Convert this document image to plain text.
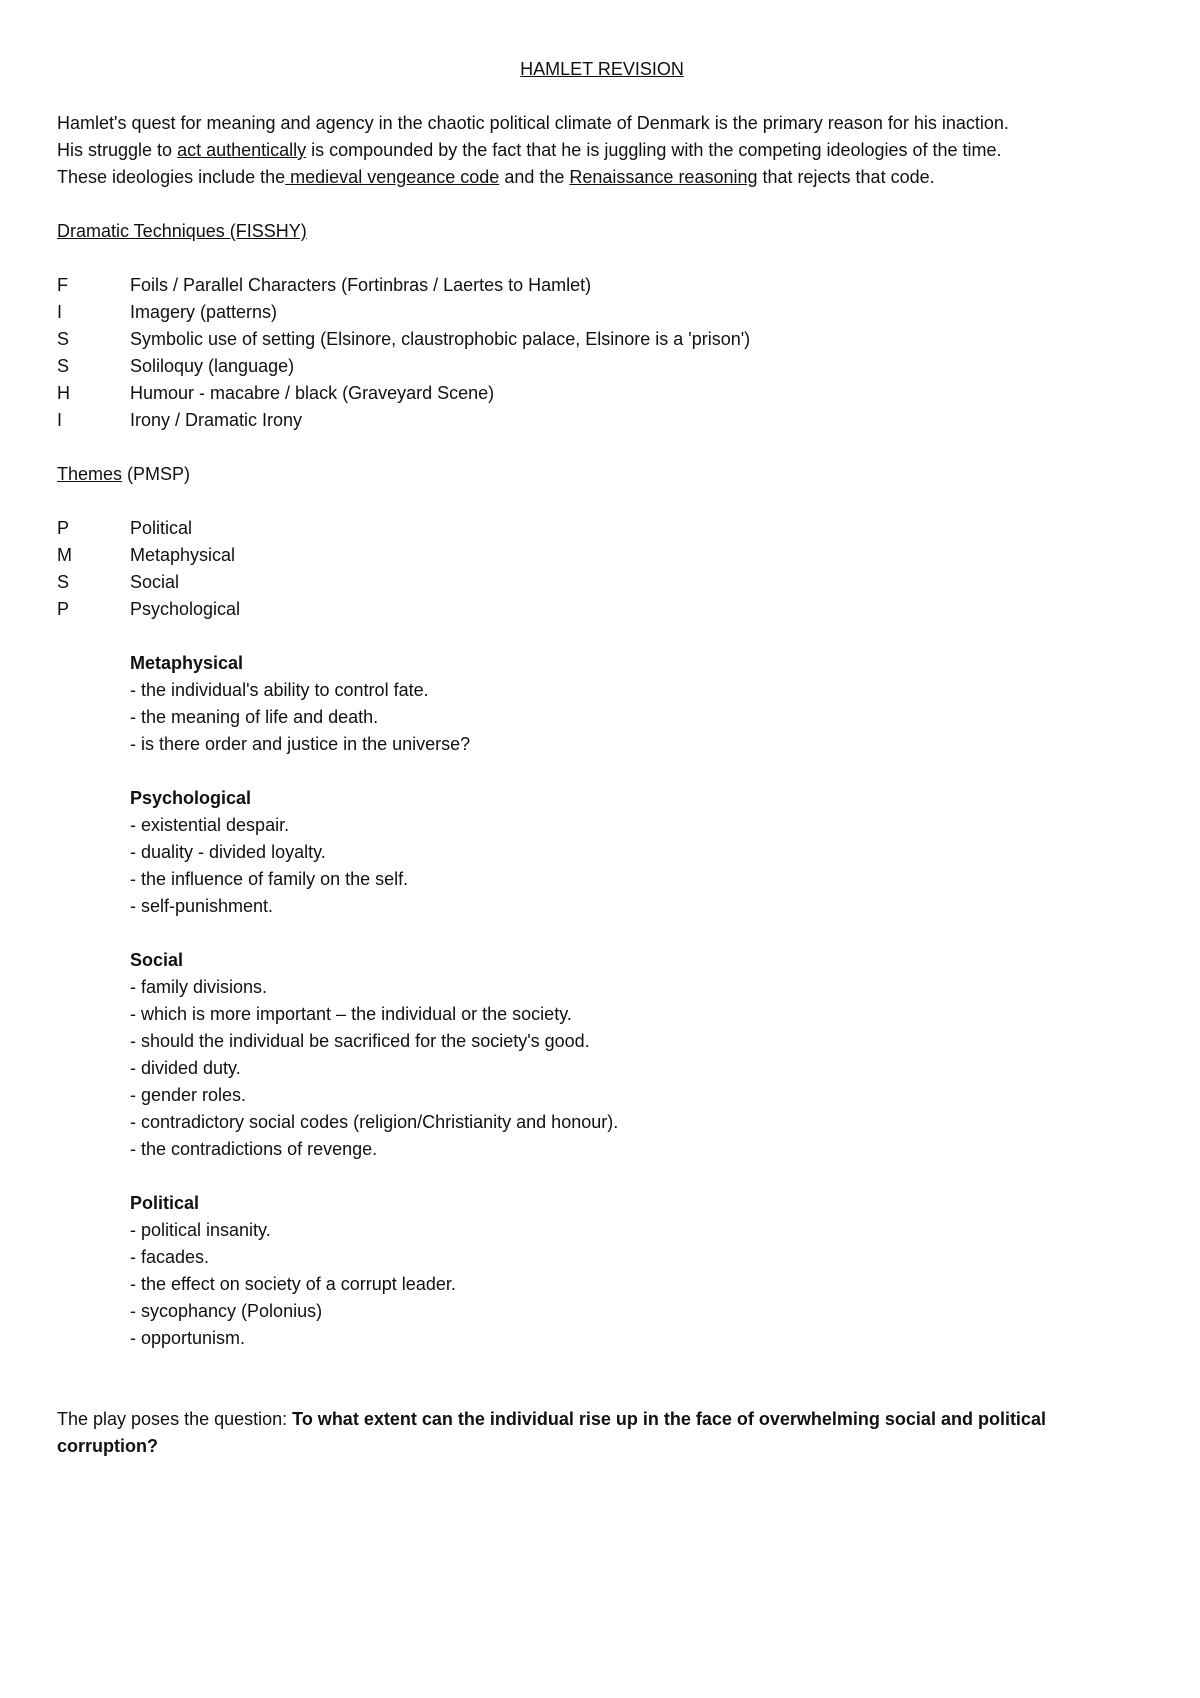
HAMLET REVISION

Hamlet's quest for meaning and agency in the chaotic political climate of Denmark is the primary reason for his inaction.

His struggle to act authentically is compounded by the fact that he is juggling with the competing ideologies of the time.

These ideologies include the medieval vengeance code and the Renaissance reasoning that rejects that code.

Dramatic Techniques (FISSHY)

F	Foils / Parallel Characters (Fortinbras / Laertes to Hamlet)
I	Imagery (patterns)
S	Symbolic use of setting (Elsinore, claustrophobic palace, Elsinore is a 'prison')
S	Soliloquy (language)
H	Humour - macabre / black (Graveyard Scene)
I	Irony / Dramatic Irony

Themes (PMSP)

P	Political
M	Metaphysical
S	Social
P	Psychological

Metaphysical

- the individual's ability to control fate.

- the meaning of life and death.

- is there order and justice in the universe?

Psychological

- existential despair.

- duality - divided loyalty.

- the influence of family on the self.

- self-punishment.

Social

- family divisions.

- which is more important – the individual or the society.

- should the individual be sacrificed for the society's good.

- divided duty.

- gender roles.

- contradictory social codes (religion/Christianity and honour).

- the contradictions of revenge.

Political

- political insanity.

- facades.

- the effect on society of a corrupt leader.

- sycophancy (Polonius)

- opportunism.

The play poses the question: To what extent can the individual rise up in the face of overwhelming social and political corruption?
